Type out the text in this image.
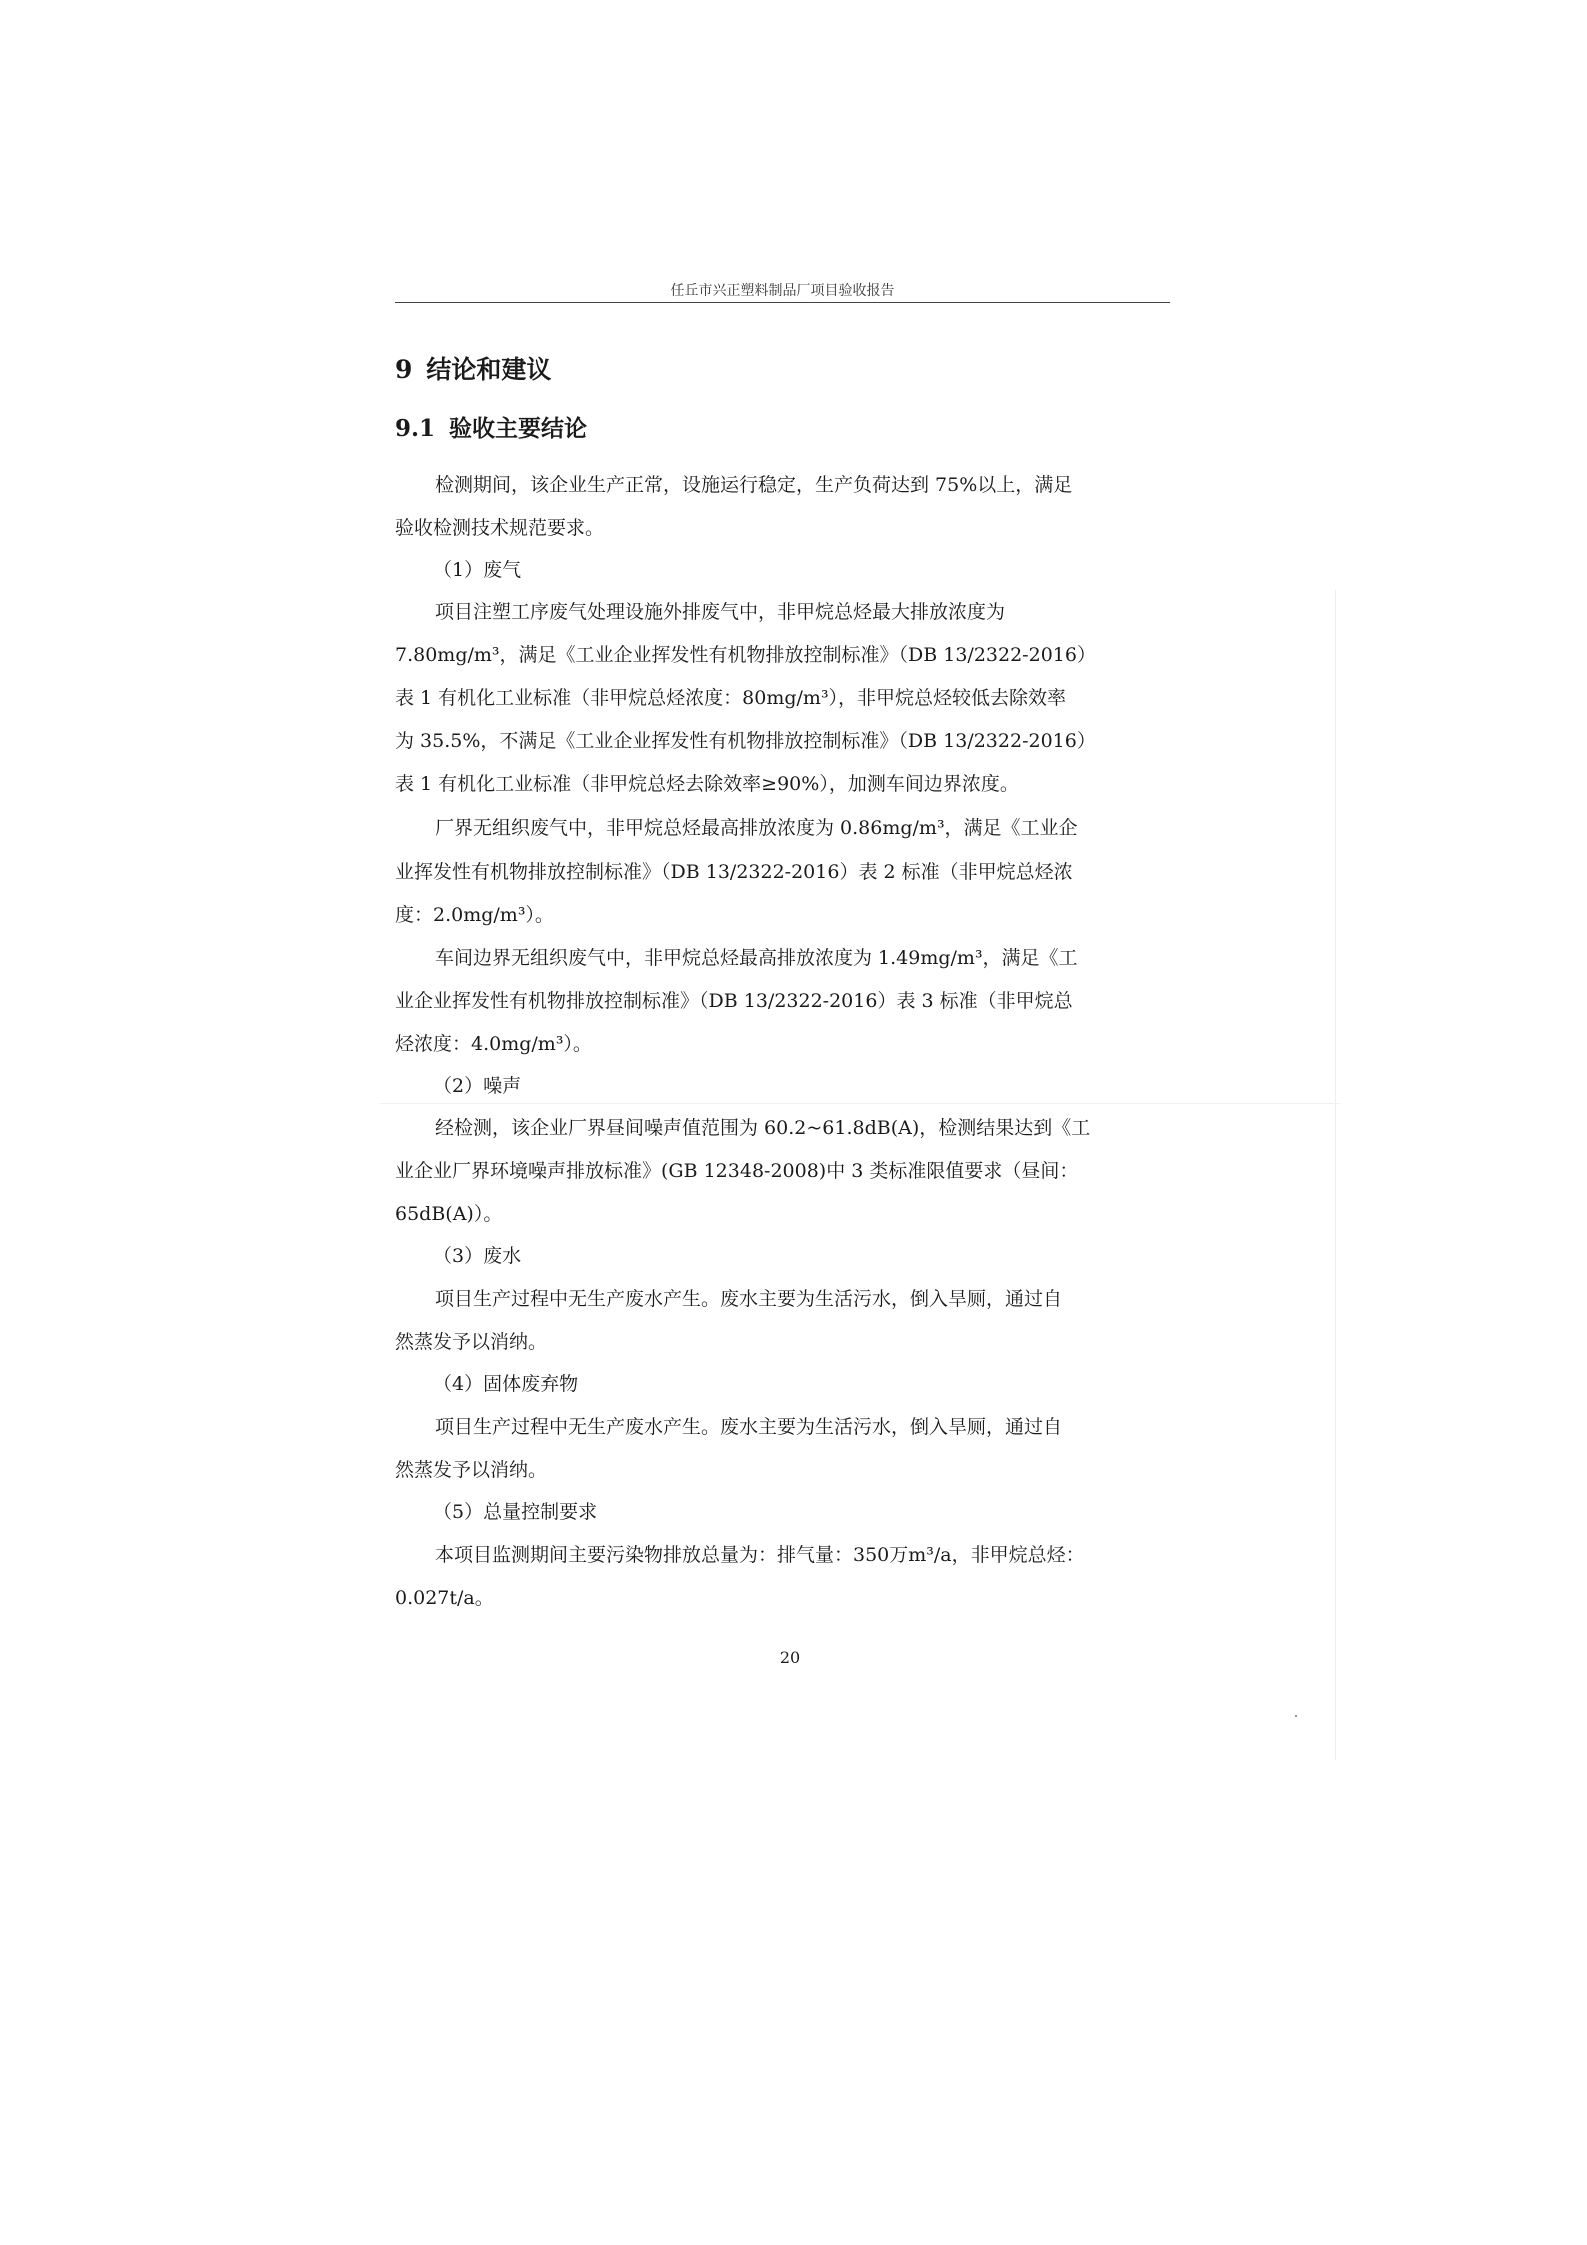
任丘市兴正塑料制品厂项目验收报告
9 结论和建议
9.1 验收主要结论
检测期间，该企业生产正常，设施运行稳定，生产负荷达到 75%以上，满足
验收检测技术规范要求。
（1）废气
项目注塑工序废气处理设施外排废气中，非甲烷总烃最大排放浓度为
7.80mg/m³，满足《工业企业挥发性有机物排放控制标准》（DB 13/2322-2016）
表 1 有机化工业标准（非甲烷总烃浓度：80mg/m³），非甲烷总烃较低去除效率
为 35.5%，不满足《工业企业挥发性有机物排放控制标准》（DB 13/2322-2016）
表 1 有机化工业标准（非甲烷总烃去除效率≥90%），加测车间边界浓度。
厂界无组织废气中，非甲烷总烃最高排放浓度为 0.86mg/m³，满足《工业企
业挥发性有机物排放控制标准》（DB 13/2322-2016）表 2 标准（非甲烷总烃浓
度：2.0mg/m³）。
车间边界无组织废气中，非甲烷总烃最高排放浓度为 1.49mg/m³，满足《工
业企业挥发性有机物排放控制标准》（DB 13/2322-2016）表 3 标准（非甲烷总
烃浓度：4.0mg/m³）。
（2）噪声
经检测，该企业厂界昼间噪声值范围为 60.2~61.8dB(A)，检测结果达到《工
业企业厂界环境噪声排放标准》(GB 12348-2008)中 3 类标准限值要求（昼间：
65dB(A)）。
（3）废水
项目生产过程中无生产废水产生。废水主要为生活污水，倒入旱厕，通过自
然蒸发予以消纳。
（4）固体废弃物
项目生产过程中无生产废水产生。废水主要为生活污水，倒入旱厕，通过自
然蒸发予以消纳。
（5）总量控制要求
本项目监测期间主要污染物排放总量为：排气量：350万m³/a，非甲烷总烃：
0.027t/a。
20
